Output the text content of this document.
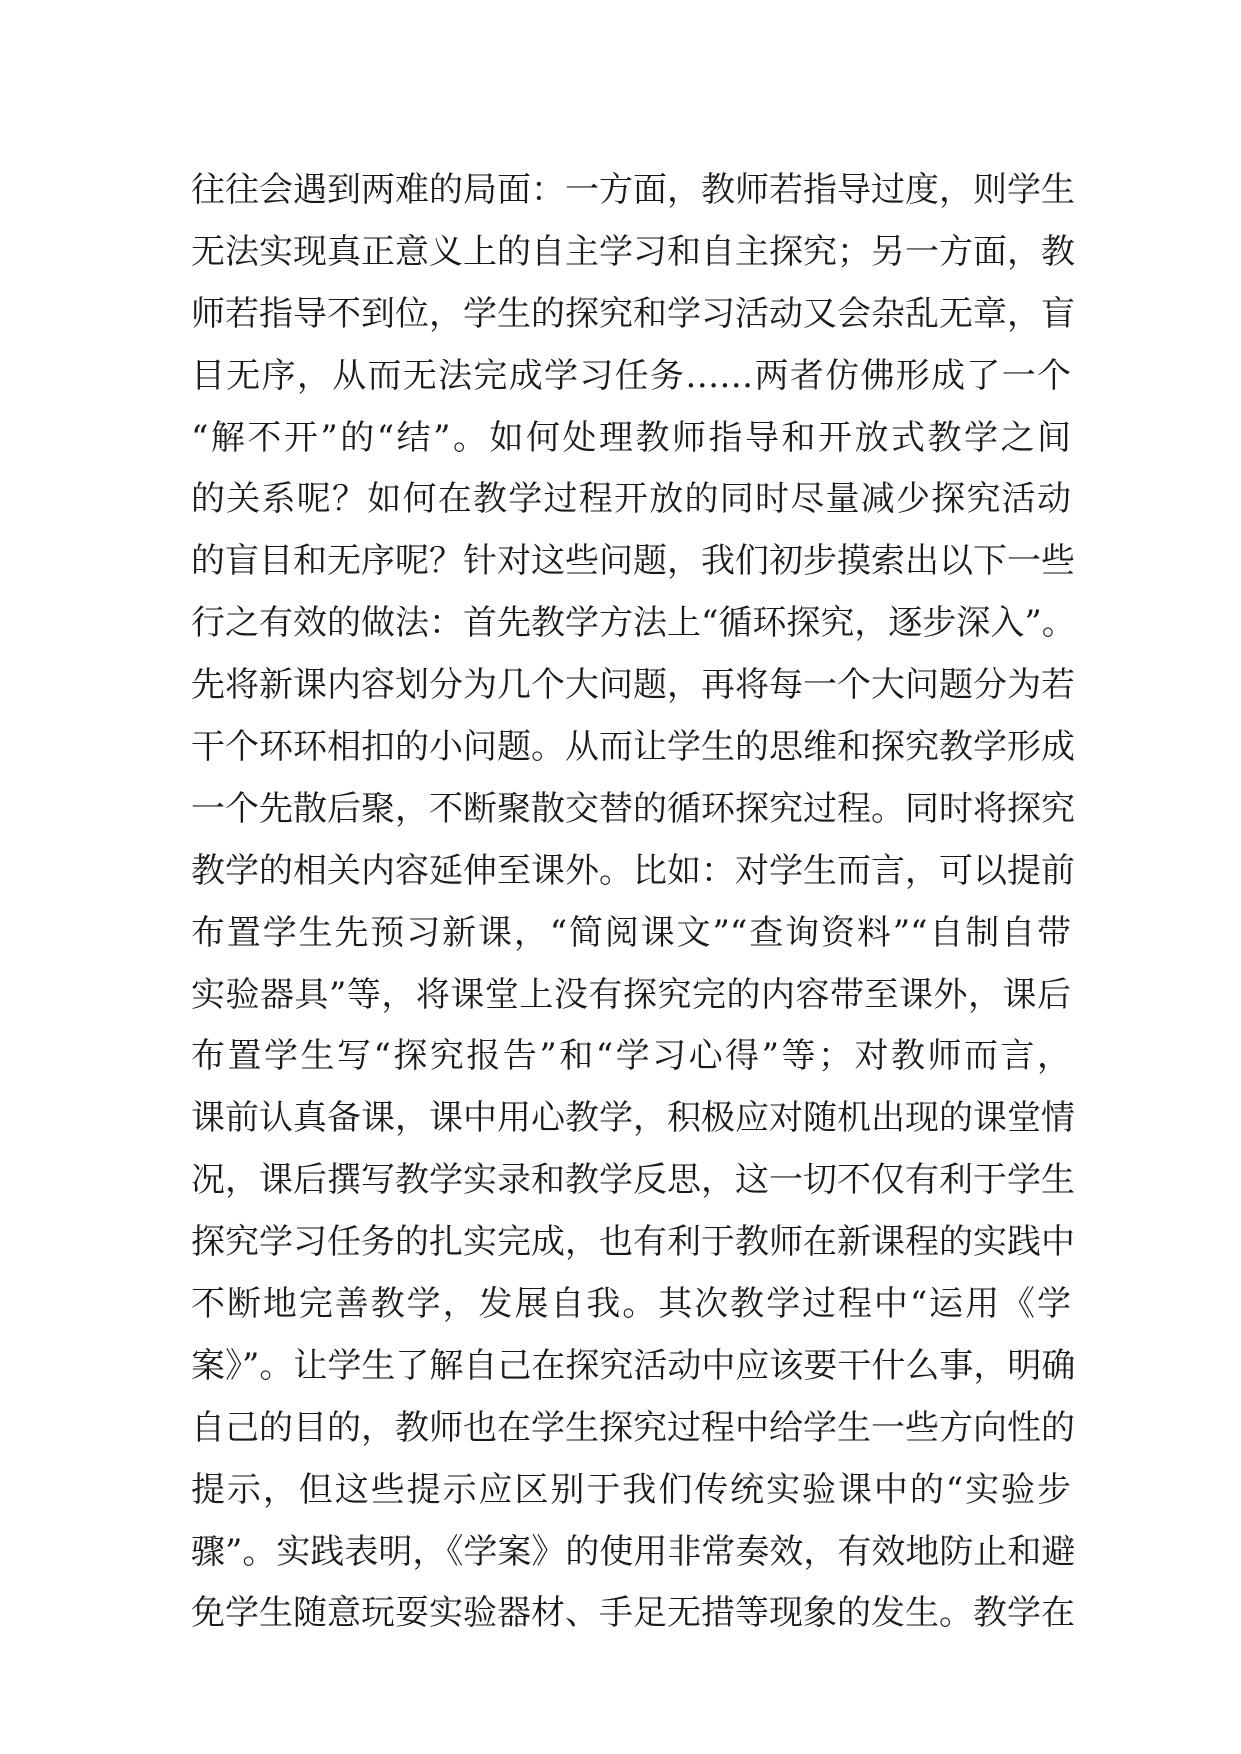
往往会遇到两难的局面：一方面，教师若指导过度，则学生
无法实现真正意义上的自主学习和自主探究；另一方面，教
师若指导不到位，学生的探究和学习活动又会杂乱无章，盲
目无序，从而无法完成学习任务……两者仿佛形成了一个
“解不开”的“结”。如何处理教师指导和开放式教学之间
的关系呢？如何在教学过程开放的同时尽量减少探究活动
的盲目和无序呢？针对这些问题，我们初步摸索出以下一些
行之有效的做法：首先教学方法上“循环探究，逐步深入”。
先将新课内容划分为几个大问题，再将每一个大问题分为若
干个环环相扣的小问题。从而让学生的思维和探究教学形成
一个先散后聚，不断聚散交替的循环探究过程。同时将探究
教学的相关内容延伸至课外。比如：对学生而言，可以提前
布置学生先预习新课，“简阅课文”“查询资料”“自制自带
实验器具”等，将课堂上没有探究完的内容带至课外，课后
布置学生写“探究报告”和“学习心得”等；对教师而言，
课前认真备课，课中用心教学，积极应对随机出现的课堂情
况，课后撰写教学实录和教学反思，这一切不仅有利于学生
探究学习任务的扎实完成，也有利于教师在新课程的实践中
不断地完善教学，发展自我。其次教学过程中“运用《学
案》”。让学生了解自己在探究活动中应该要干什么事，明确
自己的目的，教师也在学生探究过程中给学生一些方向性的
提示，但这些提示应区别于我们传统实验课中的“实验步
骤”。实践表明，《学案》的使用非常奏效，有效地防止和避
免学生随意玩耍实验器材、手足无措等现象的发生。教学在
